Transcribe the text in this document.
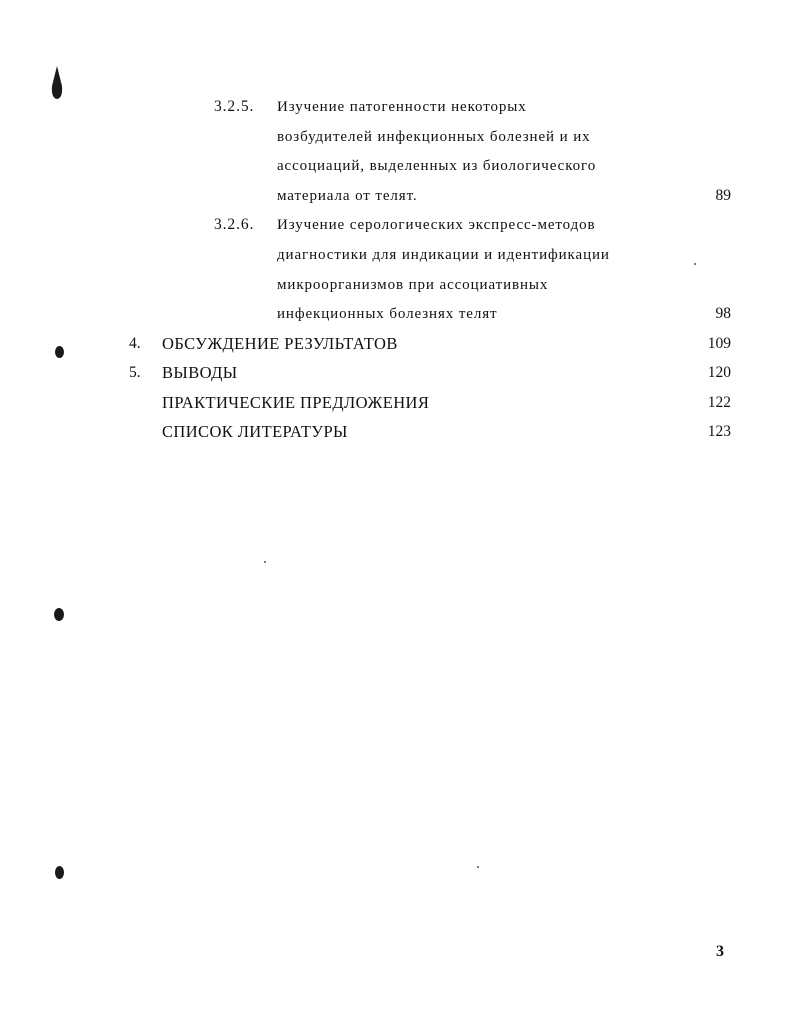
3.2.5. Изучение патогенности некоторых
возбудителей инфекционных болезней и их
ассоциаций, выделенных из биологического
материала от телят.	89
3.2.6. Изучение серологических экспресс-методов
диагностики для индикации и идентификации
микроорганизмов при ассоциативных
инфекционных болезнях телят	98
4. ОБСУЖДЕНИЕ РЕЗУЛЬТАТОВ	109
5. ВЫВОДЫ	120
ПРАКТИЧЕСКИЕ ПРЕДЛОЖЕНИЯ	122
СПИСОК ЛИТЕРАТУРЫ	123
3
